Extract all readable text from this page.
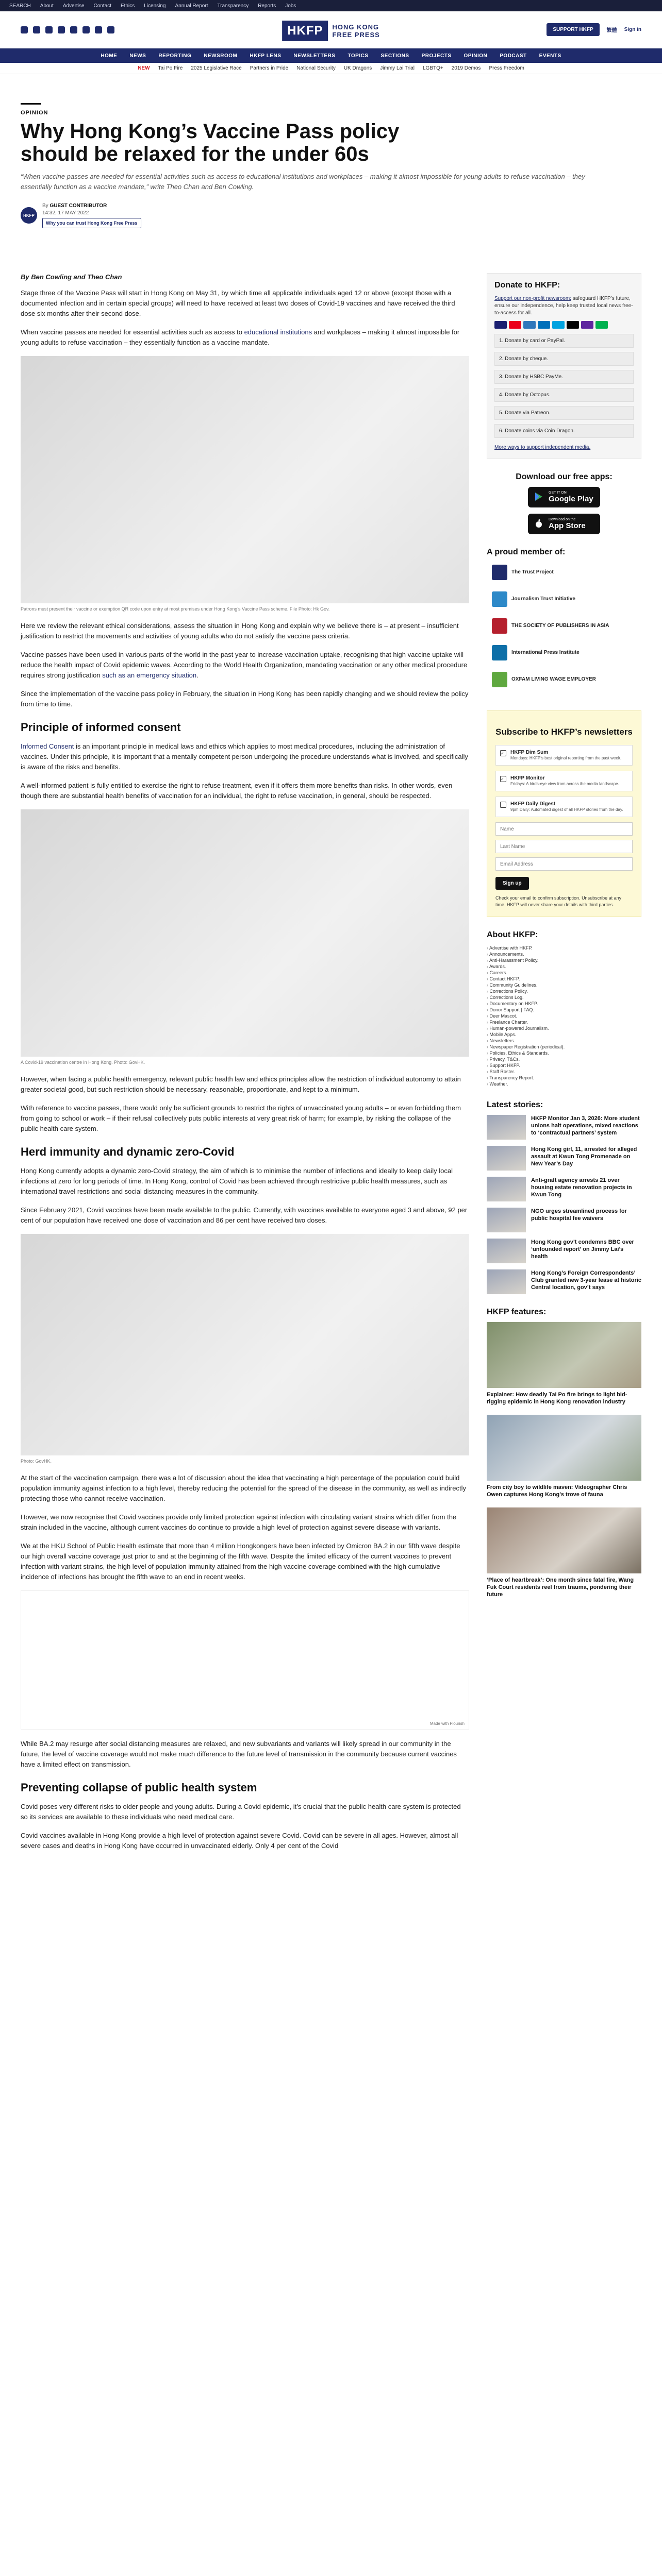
SEARCH About Advertise Contact Ethics Licensing Annual Report Transparency Reports Jobs
HKFP	HONG KONG
FREE PRESS
SUPPORT HKFP	繁體 Sign in
HOME NEWS REPORTING NEWSROOM HKFP LENS NEWSLETTERS TOPICS SECTIONS PROJECTS OPINION PODCAST EVENTS
NEW Tai Po Fire 2025 Legislative Race Partners in Pride National Security UK Dragons Jimmy Lai Trial LGBTQ+ 2019 Demos Press Freedom
OPINION
Why Hong Kong’s Vaccine Pass policy should be relaxed for the under 60s

“When vaccine passes are needed for essential activities such as access to educational institutions and workplaces – making it almost impossible for young adults to refuse vaccination – they essentially function as a vaccine mandate,” write Theo Chan and Ben Cowling.

HKFP
By GUEST CONTRIBUTOR
14:32, 17 MAY 2022
Why you can trust Hong Kong Free Press
By Ben Cowling and Theo Chan

Stage three of the Vaccine Pass will start in Hong Kong on May 31, by which time all applicable individuals aged 12 or above (except those with a documented infection and in certain special groups) will need to have received at least two doses of Covid-19 vaccines and have received the third dose six months after their second dose.

When vaccine passes are needed for essential activities such as access to educational institutions and workplaces – making it almost impossible for young adults to refuse vaccination – they essentially function as a vaccine mandate.

Patrons must present their vaccine or exemption QR code upon entry at most premises under Hong Kong’s Vaccine Pass scheme. File Photo: Hk Gov.

Here we review the relevant ethical considerations, assess the situation in Hong Kong and explain why we believe there is – at present – insufficient justification to restrict the movements and activities of young adults who do not satisfy the vaccine pass criteria.

Vaccine passes have been used in various parts of the world in the past year to increase vaccination uptake, recognising that high vaccine uptake will reduce the health impact of Covid epidemic waves. According to the World Health Organization, mandating vaccination or any other medical procedure requires strong justification such as an emergency situation.

Since the implementation of the vaccine pass policy in February, the situation in Hong Kong has been rapidly changing and we should review the policy from time to time.

Principle of informed consent

Informed Consent is an important principle in medical laws and ethics which applies to most medical procedures, including the administration of vaccines. Under this principle, it is important that a mentally competent person undergoing the procedure understands what is involved, and specifically is aware of the risks and benefits.

A well-informed patient is fully entitled to exercise the right to refuse treatment, even if it offers them more benefits than risks. In other words, even though there are substantial health benefits of vaccination for an individual, the right to refuse vaccination, in general, should be respected.

A Covid-19 vaccination centre in Hong Kong. Photo: GovHK.

However, when facing a public health emergency, relevant public health law and ethics principles allow the restriction of individual autonomy to attain greater societal good, but such restriction should be necessary, reasonable, proportionate, and kept to a minimum.

With reference to vaccine passes, there would only be sufficient grounds to restrict the rights of unvaccinated young adults – or even forbidding them from going to school or work – if their refusal collectively puts public interests at very great risk of harm; for example, by risking the collapse of the public health care system.

Herd immunity and dynamic zero-Covid

Hong Kong currently adopts a dynamic zero-Covid strategy, the aim of which is to minimise the number of infections and ideally to keep daily local infections at zero for long periods of time. In Hong Kong, control of Covid has been achieved through restrictive public health measures, such as international travel restrictions and social distancing measures in the community.

Since February 2021, Covid vaccines have been made available to the public. Currently, with vaccines available to everyone aged 3 and above, 92 per cent of our population have received one dose of vaccination and 86 per cent have received two doses.

Photo: GovHK.

At the start of the vaccination campaign, there was a lot of discussion about the idea that vaccinating a high percentage of the population could build population immunity against infection to a high level, thereby reducing the potential for the spread of the disease in the community, as well as indirectly protecting those who cannot receive vaccination.

However, we now recognise that Covid vaccines provide only limited protection against infection with circulating variant strains which differ from the strain included in the vaccine, although current vaccines do continue to provide a high level of protection against severe disease with variants.

We at the HKU School of Public Health estimate that more than 4 million Hongkongers have been infected by Omicron BA.2 in our fifth wave despite our high overall vaccine coverage just prior to and at the beginning of the fifth wave. Despite the limited efficacy of the current vaccines to prevent infection with variant strains, the high level of population immunity attained from the high vaccine coverage combined with the high cumulative incidence of infections has brought the fifth wave to an end in recent weeks.

Made with Flourish

While BA.2 may resurge after social distancing measures are relaxed, and new subvariants and variants will likely spread in our community in the future, the level of vaccine coverage would not make much difference to the future level of transmission in the community because current vaccines have a limited effect on transmission.

Preventing collapse of public health system

Covid poses very different risks to older people and young adults. During a Covid epidemic, it’s crucial that the public health care system is protected so its services are available to these individuals who need medical care.

Covid vaccines available in Hong Kong provide a high level of protection against severe Covid. Covid can be severe in all ages. However, almost all severe cases and deaths in Hong Kong have occurred in unvaccinated elderly. Only 4 per cent of the Covid

Donate to HKFP:
Support our non-profit newsroom: safeguard HKFP’s future, ensure our independence, help keep trusted local news free-to-access for all.
1. Donate by card or PayPal.
2. Donate by cheque.
3. Donate by HSBC PayMe.
4. Donate by Octopus.
5. Donate via Patreon.
6. Donate coins via Coin Dragon.
More ways to support independent media.
Download our free apps:
GET IT ON
Google Play
Download on the
App Store
A proud member of:
The Trust Project
Journalism Trust Initiative
THE SOCIETY OF PUBLISHERS IN ASIA
International Press Institute
OXFAM LIVING WAGE EMPLOYER
Subscribe to HKFP’s newsletters
✓	HKFP Dim Sum
Mondays: HKFP’s best original reporting from the past week.
✓	HKFP Monitor
Fridays: A birds-eye view from across the media landscape.
HKFP Daily Digest
9pm Daily: Automated digest of all HKFP stories from the day.
Name Last Name Email Address Sign up
Check your email to confirm subscription. Unsubscribe at any time. HKFP will never share your details with third parties.
About HKFP:
› Advertise with HKFP.
› Announcements.
› Anti-Harassment Policy.
› Awards.
› Careers.
› Contact HKFP.
› Community Guidelines.
› Corrections Policy.
› Corrections Log.
› Documentary on HKFP.
› Donor Support | FAQ.
› Deer Mascot.
› Freelance Charter.
› Human-powered Journalism.
› Mobile Apps.
› Newsletters.
› Newspaper Registration (periodical).
› Policies, Ethics & Standards.
› Privacy, T&Cs.
› Support HKFP.
› Staff Roster.
› Transparency Report.
› Weather.
Latest stories:
HKFP Monitor Jan 3, 2026: More student unions halt operations, mixed reactions to ‘contractual partners’ system
Hong Kong girl, 11, arrested for alleged assault at Kwun Tong Promenade on New Year’s Day
Anti-graft agency arrests 21 over housing estate renovation projects in Kwun Tong
NGO urges streamlined process for public hospital fee waivers
Hong Kong gov’t condemns BBC over ‘unfounded report’ on Jimmy Lai’s health
Hong Kong’s Foreign Correspondents’ Club granted new 3-year lease at historic Central location, gov’t says
HKFP features:
Explainer: How deadly Tai Po fire brings to light bid-rigging epidemic in Hong Kong renovation industry
From city boy to wildlife maven: Videographer Chris Owen captures Hong Kong’s trove of fauna
‘Place of heartbreak’: One month since fatal fire, Wang Fuk Court residents reel from trauma, pondering their future
